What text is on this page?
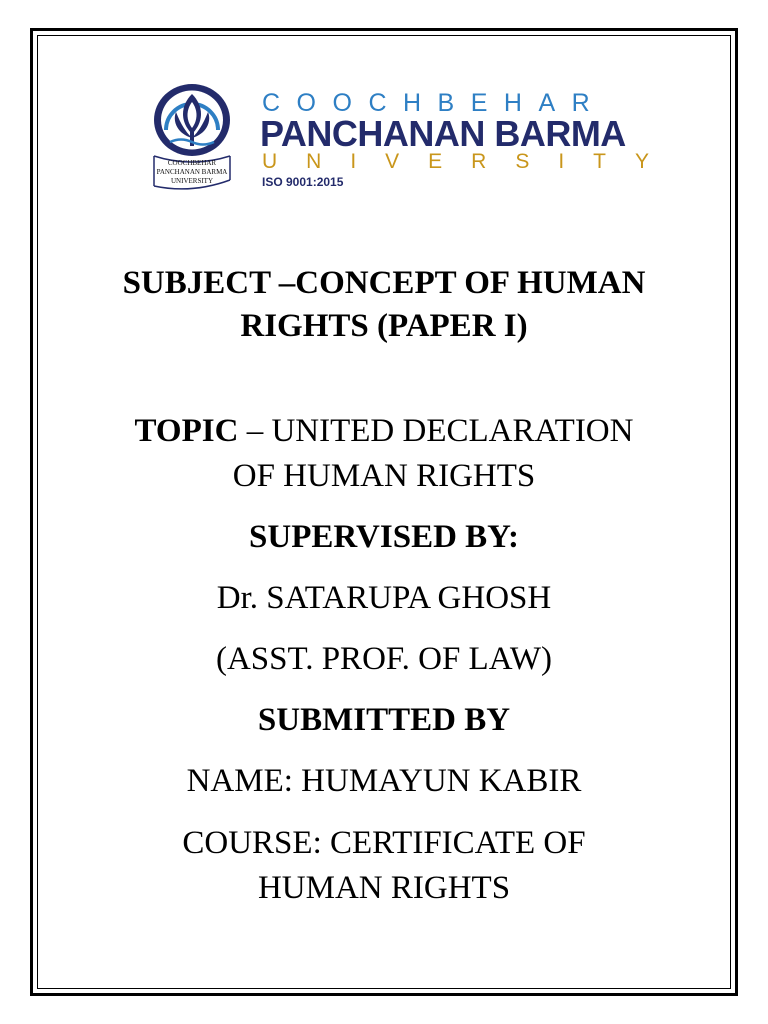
COOCHBEHAR
PANCHANAN BARMA
UNIVERSITY
COOCHBEHAR
PANCHANAN BARMA
UNIVERSITY
ISO 9001:2015

SUBJECT –CONCEPT OF HUMAN
RIGHTS (PAPER I)

TOPIC – UNITED DECLARATION
OF HUMAN RIGHTS

SUPERVISED BY:

Dr. SATARUPA GHOSH

(ASST. PROF. OF LAW)

SUBMITTED BY

NAME: HUMAYUN KABIR

COURSE: CERTIFICATE OF
HUMAN RIGHTS
